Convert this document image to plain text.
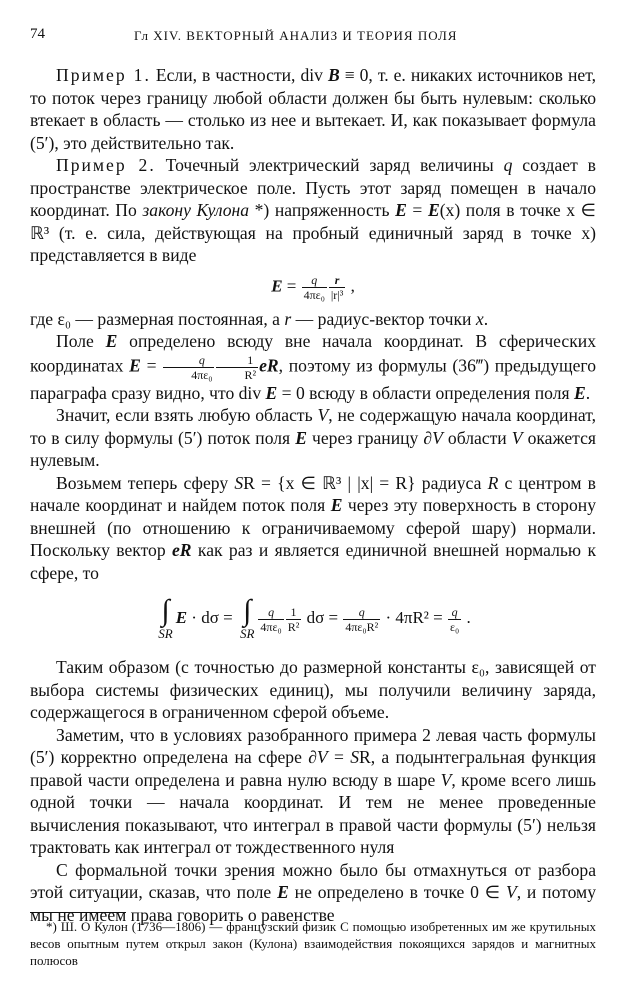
74	Гл XIV. ВЕКТОРНЫЙ АНАЛИЗ И ТЕОРИЯ ПОЛЯ

Пример 1. Если, в частности, div B ≡ 0, т. е. никаких источников нет, то поток через границу любой области должен бы быть нулевым: сколько втекает в область — столько из нее и вытекает. И, как показывает формула (5′), это действительно так.

Пример 2. Точечный электрический заряд величины q создает в пространстве электрическое поле. Пусть этот заряд помещен в начало координат. По закону Кулона *) напряженность E = E(x) поля в точке x ∈ ℝ³ (т. е. сила, действующая на пробный единичный заряд в точке x) представляется в виде

$E = \frac{q}{\text{4πε₀}} \frac{r}{\text{|r|³}}$ ,

где ε₀ — размерная постоянная, а r — радиус-вектор точки x.

Поле E определено всюду вне начала координат. В сферических координатах $E = \frac{q}{\text{4πε₀}} \frac{1}{\text{R²}}$ eR, поэтому из формулы (36‴) предыдущего параграфа сразу видно, что div E = 0 всюду в области определения поля E.

Значит, если взять любую область V, не содержащую начала координат, то в силу формулы (5′) поток поля E через границу ∂V области V окажется нулевым.

Возьмем теперь сферу SR = {x ∈ ℝ³ | |x| = R} радиуса R с центром в начале координат и найдем поток поля E через эту поверхность в сторону внешней (по отношению к ограничиваемому сферой шару) нормали. Поскольку вектор eR как раз и является единичной внешней нормалью к сфере, то

∫
SR
E · dσ = ∫
SR $\frac{q}{\text{4πε₀}} \frac{1}{\text{R²}}$ $d\sigma = \frac{q}{\text{4πε₀R²}} \cdot 4\pi R^2 = \frac{q}{\text{ε₀}}$ .

Таким образом (с точностью до размерной константы ε₀, зависящей от выбора системы физических единиц), мы получили величину заряда, содержащегося в ограниченном сферой объеме.

Заметим, что в условиях разобранного примера 2 левая часть формулы (5′) корректно определена на сфере ∂V = SR, а подынтегральная функция правой части определена и равна нулю всюду в шаре V, кроме всего лишь одной точки — начала координат. И тем не менее проведенные вычисления показывают, что интеграл в правой части формулы (5′) нельзя трактовать как интеграл от тождественного нуля

С формальной точки зрения можно было бы отмахнуться от разбора этой ситуации, сказав, что поле E не определено в точке 0 ∈ V, и потому мы не имеем права говорить о равенстве

*) Ш. О Кулон (1736—1806) — французский физик С помощью изобретенных им же крутильных весов опытным путем открыл закон (Кулона) взаимодействия покоящихся зарядов и магнитных полюсов
